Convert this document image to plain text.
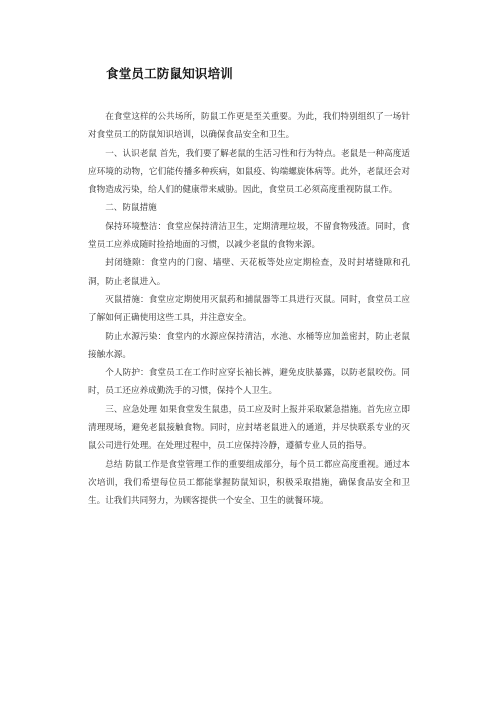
食堂员工防鼠知识培训

在食堂这样的公共场所，防鼠工作更是至关重要。为此，我们特别组织了一场针对食堂员工的防鼠知识培训，以确保食品安全和卫生。

一、认识老鼠 首先，我们要了解老鼠的生活习性和行为特点。老鼠是一种高度适应环境的动物，它们能传播多种疾病，如鼠疫、钩端螺旋体病等。此外，老鼠还会对食物造成污染，给人们的健康带来威胁。因此，食堂员工必须高度重视防鼠工作。

二、防鼠措施

保持环境整洁：食堂应保持清洁卫生，定期清理垃圾，不留食物残渣。同时，食堂员工应养成随时捡拾地面的习惯，以减少老鼠的食物来源。

封闭缝隙：食堂内的门窗、墙壁、天花板等处应定期检查，及时封堵缝隙和孔洞，防止老鼠进入。

灭鼠措施：食堂应定期使用灭鼠药和捕鼠器等工具进行灭鼠。同时，食堂员工应了解如何正确使用这些工具，并注意安全。

防止水源污染：食堂内的水源应保持清洁，水池、水桶等应加盖密封，防止老鼠接触水源。

个人防护：食堂员工在工作时应穿长袖长裤，避免皮肤暴露，以防老鼠咬伤。同时，员工还应养成勤洗手的习惯，保持个人卫生。

三、应急处理 如果食堂发生鼠患，员工应及时上报并采取紧急措施。首先应立即清理现场，避免老鼠接触食物。同时，应封堵老鼠进入的通道，并尽快联系专业的灭鼠公司进行处理。在处理过程中，员工应保持冷静，遵循专业人员的指导。

总结 防鼠工作是食堂管理工作的重要组成部分，每个员工都应高度重视。通过本次培训，我们希望每位员工都能掌握防鼠知识，积极采取措施，确保食品安全和卫生。让我们共同努力，为顾客提供一个安全、卫生的就餐环境。
